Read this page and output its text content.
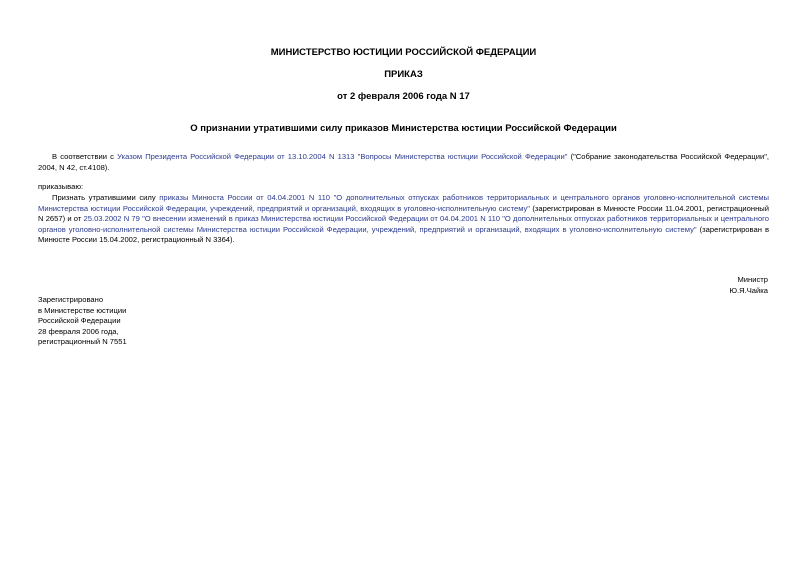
МИНИСТЕРСТВО ЮСТИЦИИ РОССИЙСКОЙ ФЕДЕРАЦИИ
ПРИКАЗ
от 2 февраля 2006 года N 17
О признании утратившими силу приказов Министерства юстиции Российской Федерации
В соответствии с Указом Президента Российской Федерации от 13.10.2004 N 1313 "Вопросы Министерства юстиции Российской Федерации" ("Собрание законодательства Российской Федерации", 2004, N 42, ст.4108).
приказываю:
Признать утратившими силу приказы Минюста России от 04.04.2001 N 110 "О дополнительных отпусках работников территориальных и центрального органов уголовно-исполнительной системы Министерства юстиции Российской Федерации, учреждений, предприятий и организаций, входящих в уголовно-исполнительную систему" (зарегистрирован в Минюсте России 11.04.2001, регистрационный N 2657) и от 25.03.2002 N 79 "О внесении изменений в приказ Министерства юстиции Российской Федерации от 04.04.2001 N 110 "О дополнительных отпусках работников территориальных и центрального органов уголовно-исполнительной системы Министерства юстиции Российской Федерации, учреждений, предприятий и организаций, входящих в уголовно-исполнительную систему" (зарегистрирован в Минюсте России 15.04.2002, регистрационный N 3364).
Министр
Ю.Я.Чайка
Зарегистрировано
в Министерстве юстиции
Российской Федерации
28 февраля 2006 года,
регистрационный N 7551
